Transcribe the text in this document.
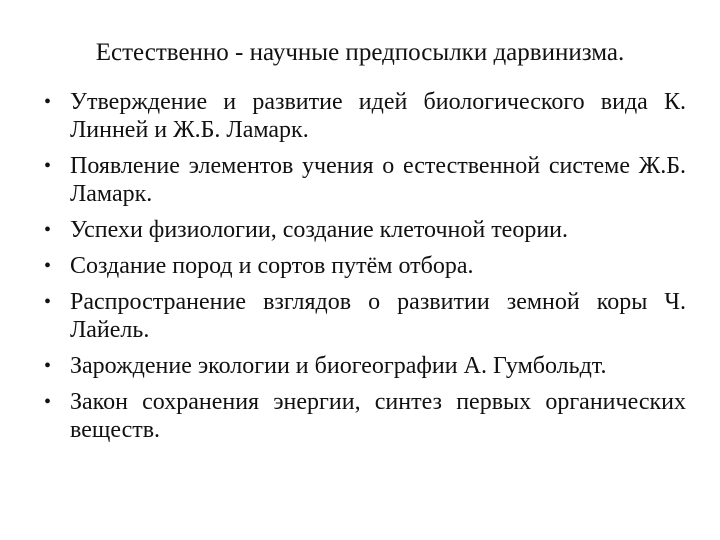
Естественно - научные предпосылки дарвинизма.
• Утверждение и развитие идей биологического вида К. Линней и Ж.Б. Ламарк.
• Появление элементов учения о естественной системе Ж.Б. Ламарк.
• Успехи физиологии, создание клеточной теории.
• Создание пород и сортов путём отбора.
• Распространение взглядов о развитии земной коры Ч. Лайель.
• Зарождение экологии и биогеографии А. Гумбольдт.
• Закон сохранения энергии, синтез первых органических веществ.
